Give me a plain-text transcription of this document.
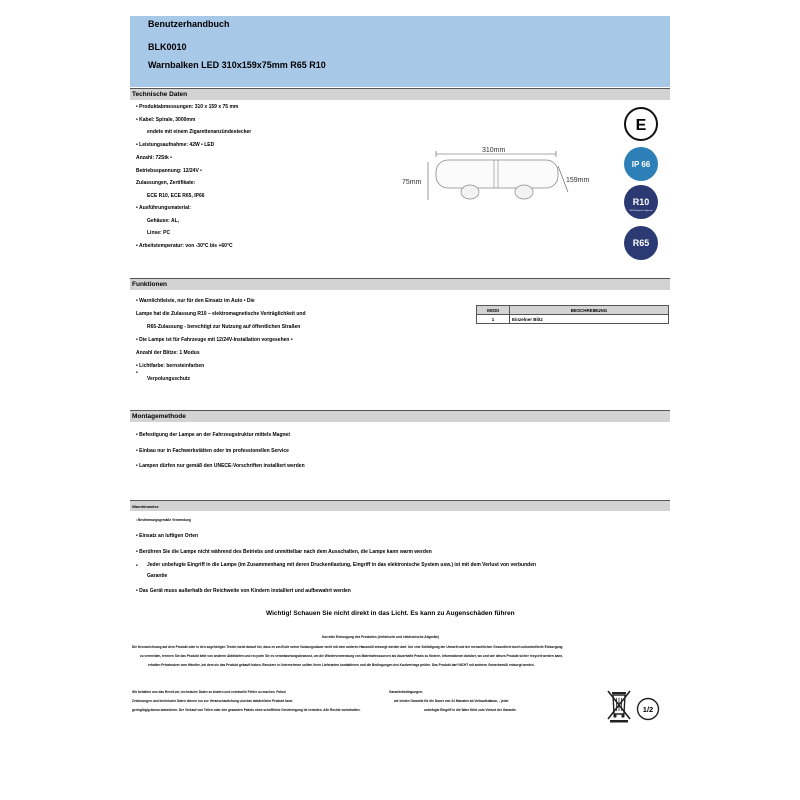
Benutzerhandbuch
BLK0010
Warnbalken LED 310x159x75mm R65 R10
Technische Daten
• Produktabmessungen: 310 x 159 x 75 mm
• Kabel: Spirale, 3000mm
endete mit einem Zigarettenanzündestecker
• Leistungsaufnahme: 42W • LED
Anzahl: 72Stk •
Betriebsspannung: 12/24V •
Zulassungen, Zertifikate:
ECE R10, ECE R65, IP66
• Ausführungsmaterial:
Gehäuse: AL,
Linse: PC
• Arbeitstemperatur: von -30°C bis +60°C
310mm
75mm	159mm
E
IP 66
R10
UNECE Regulation 10 Approved
R65
Funktionen
• Warnlichtleiste, nur für den Einsatz im Auto • Die
Lampe hat die Zulassung R10 – elektromagnetische Verträglichkeit und
R65-Zulassung - berechtigt zur Nutzung auf öffentlichen Straßen
• Die Lampe ist für Fahrzeuge mit 12/24V-Installation vorgesehen •
Anzahl der Blitze: 1 Modus
• Lichtfarbe: bernsteinfarben
•
Verpolungsschutz
MODI	BESCHREIBUNG
1	Einzelner Blitz
Montagemethode
• Befestigung der Lampe an der Fahrzeugstruktur mittels Magnet
• Einbau nur in Fachwerkstätten oder im professionellen Service
• Lampen dürfen nur gemäß den UNECE-Vorschriften installiert werden
Warnhinweise
• Bestimmungsgemäße Verwendung
• Einsatz an luftigen Orten
• Berühren Sie die Lampe nicht während des Betriebs und unmittelbar nach dem Ausschalten, die Lampe kann warm werden
• Jeder unbefugte Eingriff in die Lampe (im Zusammenhang mit deren Druckentlastung, Eingriff in das elektronische System usw.) ist mit dem Verlust von verbunden
Garantie
• Das Gerät muss außerhalb der Reichweite von Kindern installiert und aufbewahrt werden
Wichtig! Schauen Sie nicht direkt in das Licht. Es kann zu Augenschäden führen
Korrekte Entsorgung des Produktes (elektrische und elektronische Altgeräte)
Die Kennzeichnung auf dem Produkt oder in den zugehörigen Texten weist darauf hin, dass es am Ende seiner Nutzungsdauer nicht mit dem anderen Hausmüll entsorgt werden darf. Um eine Schädigung der Umwelt und der menschlichen Gesundheit durch unkontrollierte Entsorgung
zu vermeiden, trennen Sie das Produkt bitte von anderen Abfallarten und recyceln Sie es verantwortungsbewusst, um die Wiederverwendung von Materialressourcen als dauerhafte Praxis zu fördern. Informationen darüber, wo und wie dieses Produkt sicher recycelt werden kann,
erhalten Privatnutzer vom Händler, bei dem sie das Produkt gekauft haben. Benutzer in Unternehmen sollten ihren Lieferanten kontaktieren und die Bedingungen des Kaufvertrags prüfen. Das Produkt darf NICHT mit anderen Gewerbemüll entsorgt werden.
Wir behalten uns das Recht vor, technische Daten zu ändern und eventuelle Fehler zu machen. Fotos/
Zeichnungen und technische Daten dienen nur zur Veranschaulichung und das tatsächliche Produkt kann
geringfügig davon abweichen. Der Verkauf von Teilen oder des gesamten Pakets ohne schriftliche Genehmigung ist verboten. Alle Rechte vorbehalten.
Garantiebedingungen:
wir leisten Garantie für die Dauer von 24 Monaten ab Verkaufsdatum, - jeder
unbefugte Eingriff in die Ware führt zum Verlust der Garantie.	1/2
